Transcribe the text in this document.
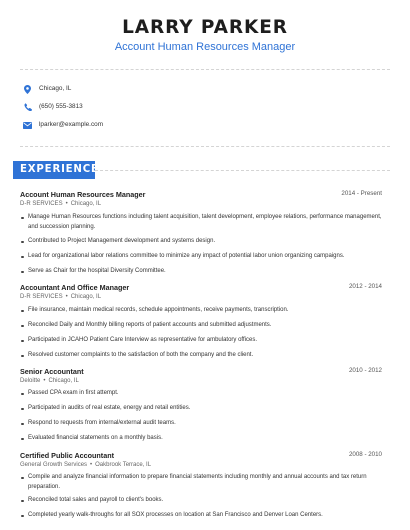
LARRY PARKER
Account Human Resources Manager
Chicago, IL
(650) 555-3813
lparker@example.com
EXPERIENCE
Account Human Resources Manager	2014 - Present
D-R SERVICES • Chicago, IL
Manage Human Resources functions including talent acquisition, talent development, employee relations, performance management, and succession planning.
Contributed to Project Management development and systems design.
Lead for organizational labor relations committee to minimize any impact of potential labor union organizing campaigns.
Serve as Chair for the hospital Diversity Committee.
Accountant And Office Manager	2012 - 2014
D-R SERVICES • Chicago, IL
File insurance, maintain medical records, schedule appointments, receive payments, transcription.
Reconciled Daily and Monthly billing reports of patient accounts and submitted adjustments.
Participated in JCAHO Patient Care Interview as representative for ambulatory offices.
Resolved customer complaints to the satisfaction of both the company and the client.
Senior Accountant	2010 - 2012
Deloitte • Chicago, IL
Passed CPA exam in first attempt.
Participated in audits of real estate, energy and retail entities.
Respond to requests from internal/external audit teams.
Evaluated financial statements on a monthly basis.
Certified Public Accountant	2008 - 2010
General Growth Services • Oakbrook Terrace, IL
Compile and analyze financial information to prepare financial statements including monthly and annual accounts and tax return preparation.
Reconciled total sales and payroll to client's books.
Completed yearly walk-throughs for all SOX processes on location at San Francisco and Denver Loan Centers.
